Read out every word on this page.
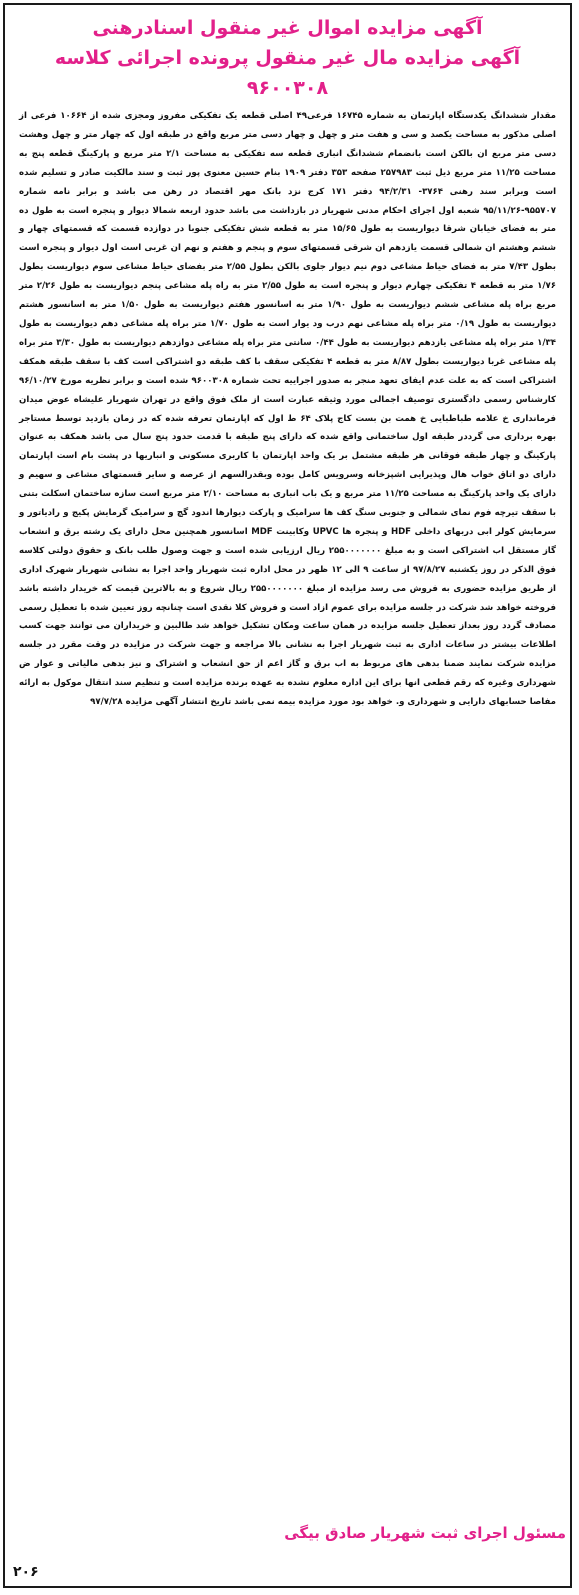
آگهی مزایده اموال غیر منقول اسنادرهنی
آگهی مزایده مال غیر منقول پرونده اجرائی کلاسه ۹۶۰۰۳۰۸

مقدار ششدانگ یکدستگاه اپارتمان به شماره ۱۶۷۴۵ فرعی۴۹ اصلی قطعه یک تفکیکی مفروز ومجزی شده از ۱۰۶۶۴ فرعی از اصلی مذکور به مساحت یکصد و سی و هفت متر و چهل و چهار دسی متر مربع واقع در طبقه اول که چهار متر و چهل وهشت دسی متر مربع ان بالکن است بانضمام ششدانگ انباری قطعه سه تفکیکی به مساحت ۲/۱ متر مربع و پارکینگ قطعه پنج به مساحت ۱۱/۲۵ متر مربع ذیل ثبت ۲۵۷۹۸۳ صفحه ۳۵۳ دفتر ۱۹۰۹ بنام حسین معنوی پور ثبت و سند مالکیت صادر و تسلیم شده است وبرابر سند رهنی ۳۷۶۴- ۹۴/۲/۳۱ دفتر ۱۷۱ کرج نزد بانک مهر اقتصاد در رهن می باشد و برابر نامه شماره ۹۵۵۷۰۷-۹۵/۱۱/۲۶ شعبه اول اجرای احکام مدنی شهریار در بازداشت می باشد حدود اربعه شمالا دیوار و پنجره است به طول ده متر به فضای خیابان شرقا دیواریست به طول ۱۵/۶۵ متر به قطعه شش تفکیکی جنوبا در دوازده قسمت که قسمتهای چهار و ششم وهشتم ان شمالی قسمت یازدهم ان شرقی قسمتهای سوم و پنجم و هفتم و نهم ان غربی است اول دیوار و پنجره است بطول ۷/۴۳ متر به فضای حیاط مشاعی دوم نیم دیوار جلوی بالکن بطول ۲/۵۵ متر بفضای حیاط مشاعی سوم دیواریست بطول ۱/۷۶ متر به قطعه ۴ تفکیکی چهارم دیوار و پنجره است به طول ۲/۵۵ متر به راه پله مشاعی پنجم دیواریست به طول ۲/۲۶ متر مربع براه پله مشاعی ششم دیواریست به طول ۱/۹۰ متر به اسانسور هفتم دیواریست به طول ۱/۵۰ متر به اسانسور هشتم دیواریست به طول ۰/۱۹ متر براه پله مشاعی نهم درب ود یوار است به طول ۱/۷۰ متر براه پله مشاعی دهم دیواریست به طول ۱/۳۴ متر براه پله مشاعی یازدهم دیواریست به طول ۰/۴۴ سانتی متر براه پله مشاعی دوازدهم دیواریست به طول ۳/۳۰ متر براه پله مشاعی غربا دیواریست بطول ۸/۸۷ متر به قطعه ۴ تفکیکی سقف با کف طبقه دو اشتراکی است کف با سقف طبقه همکف اشتراکی است که به علت عدم ایفای تعهد منجر به صدور اجراییه تحت شماره ۹۶۰۰۳۰۸ شده است و برابر نظریه مورخ ۹۶/۱۰/۲۷ کارشناس رسمی دادگستری توصیف اجمالی مورد وثیقه عبارت است از ملک فوق واقع در تهران شهریار علیشاه عوض میدان فرمانداری خ علامه طباطبایی خ همت بن بست کاج پلاک ۶۴ ط اول که اپارتمان تعرفه شده که در زمان بازدید توسط مستاجر بهره برداری می گرددر طبقه اول ساختمانی واقع شده که دارای پنج طبقه با قدمت حدود پنج سال می باشد همکف به عنوان پارکینگ و چهار طبقه فوقانی هر طبقه مشتمل بر یک واحد اپارتمان با کاربری مسکونی و انباریها در پشت بام است اپارتمان دارای دو اتاق خواب هال وپذیرایی اشپزخانه وسرویس کامل بوده وبقدرالسهم از عرصه و سایر قسمتهای مشاعی و سهیم و دارای یک واحد پارکینگ به مساحت ۱۱/۲۵ متر مربع و یک باب انباری به مساحت ۲/۱۰ متر مربع است سازه ساختمان اسکلت بتنی با سقف تیرچه فوم نمای شمالی و جنوبی سنگ کف ها سرامیک و پارکت دیوارها اندود گچ و سرامیک گرمایش پکیج و رادیاتور و سرمایش کولر ابی دربهای داخلی HDF و پنجره ها UPVC وکابینت MDF اسانسور همچنین محل دارای یک رشته برق و انشعاب گاز مستقل اب اشتراکی است و به مبلغ ۲۵۵۰۰۰۰۰۰۰ ریال ارزیابی شده است و جهت وصول طلب بانک و حقوق دولتی کلاسه فوق الذکر در روز یکشنبه ۹۷/۸/۲۷ از ساعت ۹ الی ۱۲ ظهر در محل اداره ثبت شهریار واحد اجرا به نشانی شهریار شهرک اداری از طریق مزایده حضوری به فروش می رسد مزایده از مبلغ ۲۵۵۰۰۰۰۰۰۰ ریال شروع و به بالاترین قیمت که خریدار داشته باشد فروخته خواهد شد شرکت در جلسه مزایده برای عموم ازاد است و فروش کلا نقدی است چنانچه روز تعیین شده با تعطیل رسمی مصادف گردد روز بعداز تعطیل جلسه مزایده در همان ساعت ومکان تشکیل خواهد شد طالبین و خریداران می توانند جهت کسب اطلاعات بیشتر در ساعات اداری به ثبت شهریار اجرا به نشانی بالا مراجعه و جهت شرکت در مزایده در وقت مقرر در جلسه مزایده شرکت نمایند ضمنا بدهی های مربوط به اب برق و گاز اعم از حق انشعاب و اشتراک و نیز بدهی مالیاتی و عوار ض شهرداری وغیره که رقم قطعی انها برای این اداره معلوم نشده به عهده برنده مزایده است و تنظیم سند انتقال موکول به ارائه مفاصا حسابهای دارایی و شهرداری و. خواهد بود مورد مزایده بیمه نمی باشد تاریخ انتشار آگهی مزایده ۹۷/۷/۲۸

مسئول اجرای ثبت شهریار صادق بیگی
۲۰۶
